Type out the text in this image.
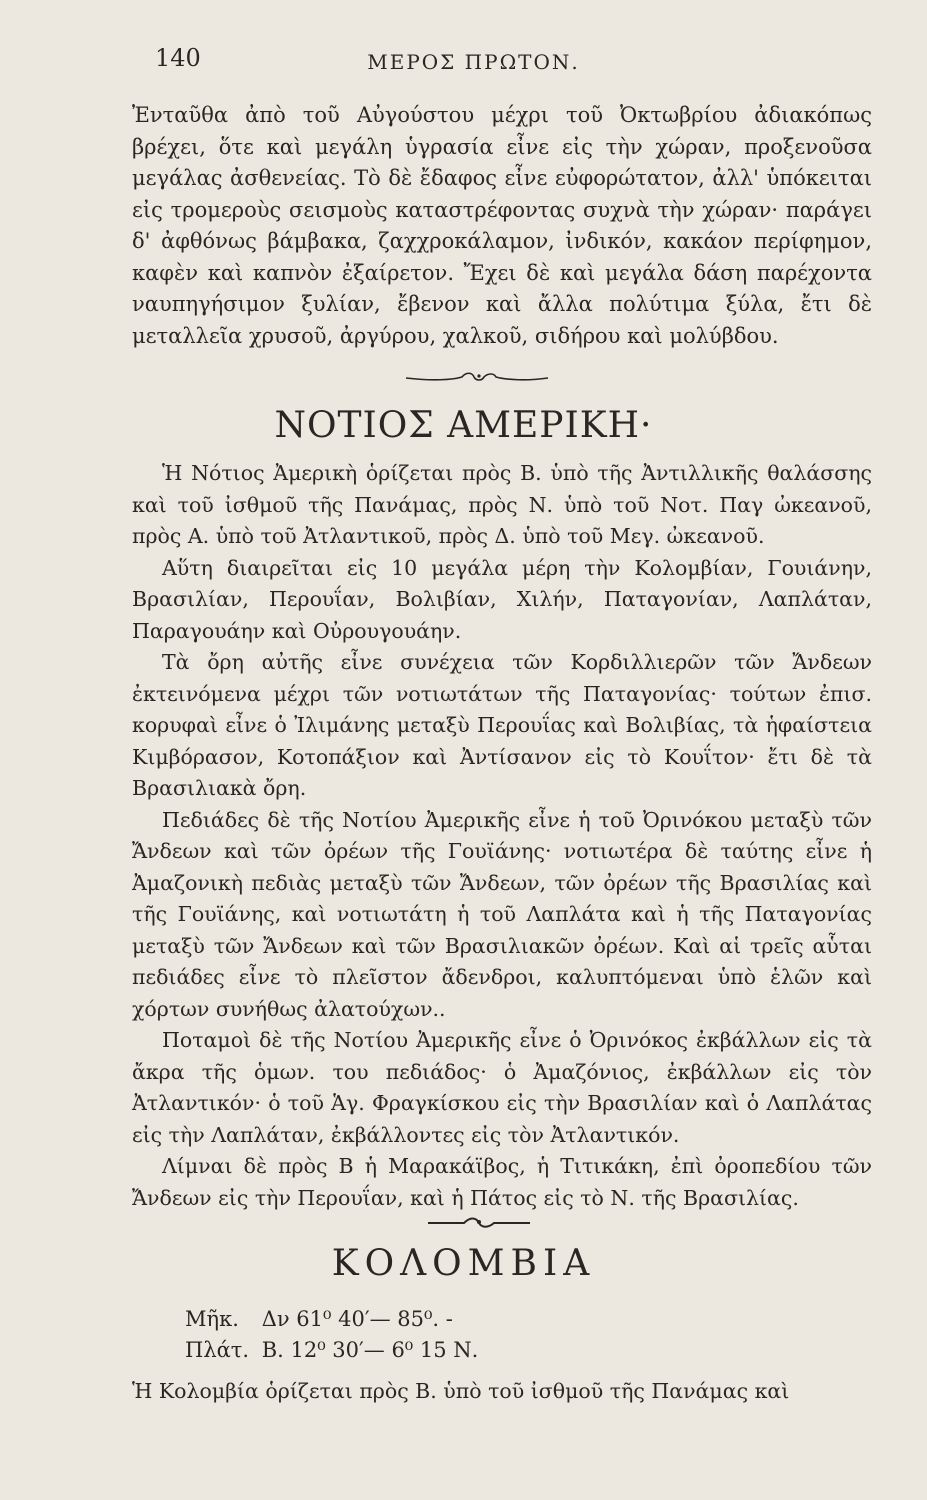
140	ΜΕΡΟΣ ΠΡΩΤΟΝ.

Ἐνταῦθα ἀπὸ τοῦ Αὐγούστου μέχρι τοῦ Ὀκτωβρίου ἀδιακόπως βρέχει, ὅτε καὶ μεγάλη ὑγρασία εἶνε εἰς τὴν χώραν, προξενοῦσα μεγάλας ἀσθενείας. Τὸ δὲ ἔδαφος εἶνε εὐφορώτατον, ἀλλ' ὑπόκειται εἰς τρομεροὺς σεισμοὺς καταστρέφοντας συχνὰ τὴν χώραν· παράγει δ' ἀφθόνως βάμβακα, ζαχχροκάλαμον, ἰνδικόν, κακάον περίφημον, καφὲν καὶ καπνὸν ἐξαίρετον. Ἔχει δὲ καὶ μεγάλα δάση παρέχοντα ναυπηγήσιμον ξυλίαν, ἔβενον καὶ ἄλλα πολύτιμα ξύλα, ἔτι δὲ μεταλλεῖα χρυσοῦ, ἀργύρου, χαλκοῦ, σιδήρου καὶ μολύβδου.

ΝΟΤΙΟΣ ΑΜΕΡΙΚΗ·

Ἡ Νότιος Ἀμερικὴ ὁρίζεται πρὸς Β. ὑπὸ τῆς Ἀντιλλικῆς θαλάσσης καὶ τοῦ ἰσθμοῦ τῆς Πανάμας, πρὸς Ν. ὑπὸ τοῦ Νοτ. Παγ ὠκεανοῦ, πρὸς Α. ὑπὸ τοῦ Ἀτλαντικοῦ, πρὸς Δ. ὑπὸ τοῦ Μεγ. ὠκεανοῦ.

Αὕτη διαιρεῖται εἰς 10 μεγάλα μέρη τὴν Κολομβίαν, Γουιάνην, Βρασιλίαν, Περουΐαν, Βολιβίαν, Χιλήν, Παταγονίαν, Λαπλάταν, Παραγουάην καὶ Οὐρουγουάην.

Τὰ ὄρη αὐτῆς εἶνε συνέχεια τῶν Κορδιλλιερῶν τῶν Ἄνδεων ἐκτεινόμενα μέχρι τῶν νοτιωτάτων τῆς Παταγονίας· τούτων ἐπισ. κορυφαὶ εἶνε ὁ Ἰλιμάνης μεταξὺ Περουΐας καὶ Βολιβίας, τὰ ἡφαίστεια Κιμβόρασον, Κοτοπάξιον καὶ Ἀντίσανον εἰς τὸ Κουΐτον· ἔτι δὲ τὰ Βρασιλιακὰ ὄρη.

Πεδιάδες δὲ τῆς Νοτίου Ἀμερικῆς εἶνε ἡ τοῦ Ὀρινόκου μεταξὺ τῶν Ἄνδεων καὶ τῶν ὀρέων τῆς Γουϊάνης· νοτιωτέρα δὲ ταύτης εἶνε ἡ Ἀμαζονικὴ πεδιὰς μεταξὺ τῶν Ἄνδεων, τῶν ὀρέων τῆς Βρασιλίας καὶ τῆς Γουϊάνης, καὶ νοτιωτάτη ἡ τοῦ Λαπλάτα καὶ ἡ τῆς Παταγονίας μεταξὺ τῶν Ἄνδεων καὶ τῶν Βρασιλιακῶν ὀρέων. Καὶ αἱ τρεῖς αὗται πεδιάδες εἶνε τὸ πλεῖστον ἄδενδροι, καλυπτόμεναι ὑπὸ ἑλῶν καὶ χόρτων συνήθως ἀλατούχων..

Ποταμοὶ δὲ τῆς Νοτίου Ἀμερικῆς εἶνε ὁ Ὀρινόκος ἐκβάλλων εἰς τὰ ἄκρα τῆς ὁμων. του πεδιάδος· ὁ Ἀμαζόνιος, ἐκβάλλων εἰς τὸν Ἀτλαντικόν· ὁ τοῦ Ἁγ. Φραγκίσκου εἰς τὴν Βρασιλίαν καὶ ὁ Λαπλάτας εἰς τὴν Λαπλάταν, ἐκβάλλοντες εἰς τὸν Ἀτλαντικόν.

Λίμναι δὲ πρὸς Β ἡ Μαρακάϊβος, ἡ Τιτικάκη, ἐπὶ ὀροπεδίου τῶν Ἄνδεων εἰς τὴν Περουΐαν, καὶ ἡ Πάτος εἰς τὸ Ν. τῆς Βρασιλίας.

ΚΟΛΟΜΒΙΑ
Μῆκ. Δν 61⁰ 40′— 85⁰. -
Πλάτ. Β. 12⁰ 30′— 6⁰ 15 Ν.

Ἡ Κολομβία ὁρίζεται πρὸς Β. ὑπὸ τοῦ ἰσθμοῦ τῆς Πανάμας καὶ
